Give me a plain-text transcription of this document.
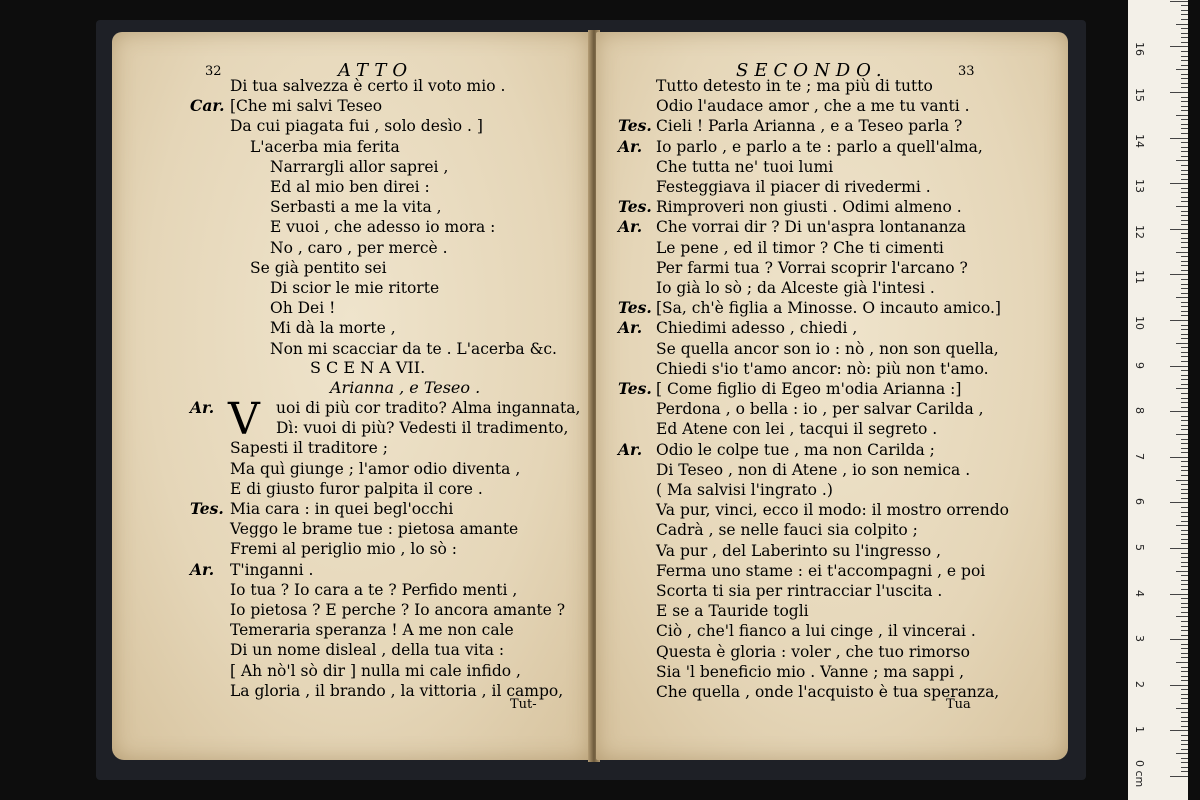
32	ATTO
Di tua salvezza è certo il voto mio .
Car. [Che mi salvi Teseo
Da cui piagata fui , solo desìo . ]
L'acerba mia ferita
Narrargli allor saprei ,
Ed al mio ben direi :
Serbasti a me la vita ,
E vuoi , che adesso io mora :
No , caro , per mercè .
Se già pentito sei
Di scior le mie ritorte
Oh Dei !
Mi dà la morte ,
Non mi scacciar da te . L'acerba &c.
S C E N A VII.
Arianna , e Teseo .
V
Ar.	uoi di più cor tradito? Alma ingannata,
Dì: vuoi di più? Vedesti il tradimento,
Sapesti il traditore ;
Ma quì giunge ; l'amor odio diventa ,
E di giusto furor palpita il core .
Tes. Mia cara : in quei begl'occhi
Veggo le brame tue : pietosa amante
Fremi al periglio mio , lo sò :
Ar. T'inganni .
Io tua ? Io cara a te ? Perfido menti ,
Io pietosa ? E perche ? Io ancora amante ?
Temeraria speranza ! A me non cale
Di un nome disleal , della tua vita :
[ Ah nò'l sò dir ] nulla mi cale infido ,
La gloria , il brando , la vittoria , il campo,
Tut-
SECONDO.	33
Tutto detesto in te ; ma più di tutto
Odio l'audace amor , che a me tu vanti .
Tes. Cieli ! Parla Arianna , e a Teseo parla ?
Ar. Io parlo , e parlo a te : parlo a quell'alma,
Che tutta ne' tuoi lumi
Festeggiava il piacer di rivedermi .
Tes. Rimproveri non giusti . Odimi almeno .
Ar. Che vorrai dir ? Di un'aspra lontananza
Le pene , ed il timor ? Che ti cimenti
Per farmi tua ? Vorrai scoprir l'arcano ?
Io già lo sò ; da Alceste già l'intesi .
Tes. [Sa, ch'è figlia a Minosse. O incauto amico.]
Ar. Chiedimi adesso , chiedi ,
Se quella ancor son io : nò , non son quella,
Chiedi s'io t'amo ancor: nò: più non t'amo.
Tes. [ Come figlio di Egeo m'odia Arianna :]
Perdona , o bella : io , per salvar Carilda ,
Ed Atene con lei , tacqui il segreto .
Ar. Odio le colpe tue , ma non Carilda ;
Di Teseo , non di Atene , io son nemica .
( Ma salvisi l'ingrato .)
Va pur, vinci, ecco il modo: il mostro orrendo
Cadrà , se nelle fauci sia colpito ;
Va pur , del Laberinto su l'ingresso ,
Ferma uno stame : ei t'accompagni , e poi
Scorta ti sia per rintracciar l'uscita .
E se a Tauride togli
Ciò , che'l fianco a lui cinge , il vincerai .
Questa è gloria : voler , che tuo rimorso
Sia 'l beneficio mio . Vanne ; ma sappi ,
Che quella , onde l'acquisto è tua speranza,
Tua
0 cm
1
2
3
4
5
6
7
8
9
10
11
12
13
14
15
16
